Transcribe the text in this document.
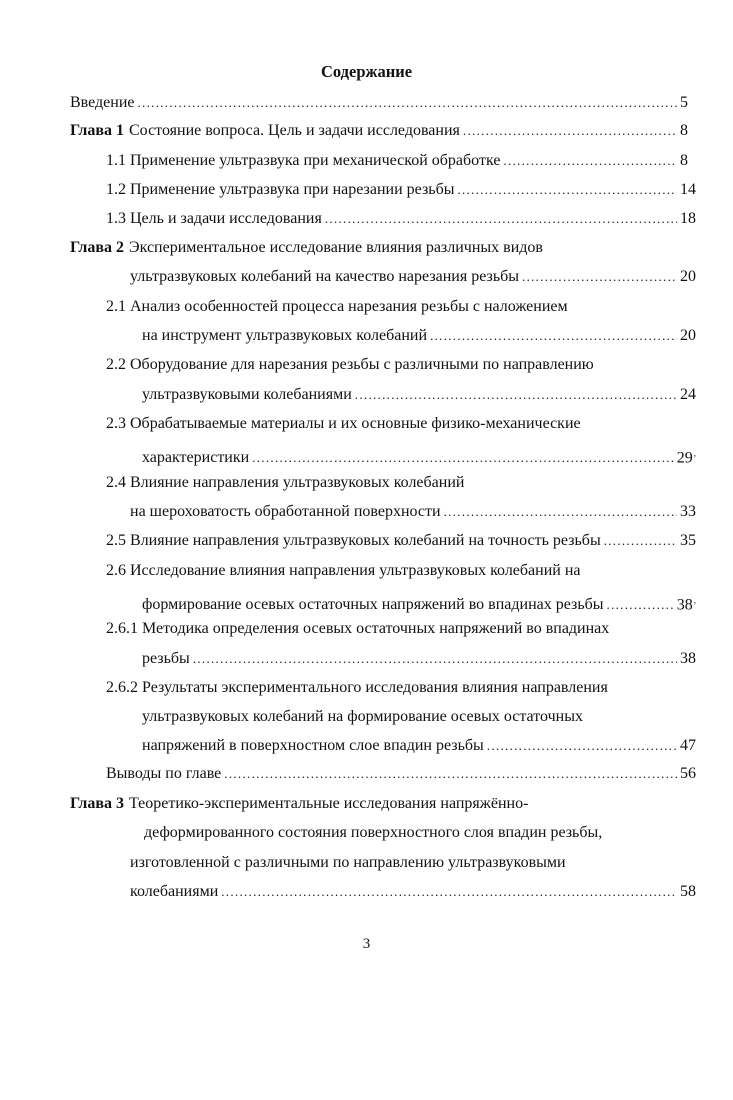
Содержание
Введение .....	5
Глава 1 Состояние вопроса. Цель и задачи исследования .....	8
1.1 Применение ультразвука при механической обработке .....	8
1.2 Применение ультразвука при нарезании резьбы .....	14
1.3 Цель и задачи исследования .....	18
Глава 2 Экспериментальное исследование влияния различных видов
ультразвуковых колебаний на качество нарезания резьбы .....	20
2.1 Анализ особенностей процесса нарезания резьбы с наложением
на инструмент ультразвуковых колебаний .....	20
2.2 Оборудование для нарезания резьбы с различными по направлению
ультразвуковыми колебаниями .....	24
2.3 Обрабатываемые материалы и их основные физико-механические
характеристики .....	29,
2.4 Влияние направления ультразвуковых колебаний
на шероховатость обработанной поверхности .....	33
2.5 Влияние направления ультразвуковых колебаний на точность резьбы .....	35
2.6 Исследование влияния направления ультразвуковых колебаний на
формирование осевых остаточных напряжений во впадинах резьбы .....	38,
2.6.1 Методика определения осевых остаточных напряжений во впадинах
резьбы .....	38
2.6.2 Результаты экспериментального исследования влияния направления
ультразвуковых колебаний на формирование осевых остаточных
напряжений в поверхностном слое впадин резьбы .....	47
Выводы по главе .....	56
Глава 3 Теоретико-экспериментальные исследования напряжённо-
деформированного состояния поверхностного слоя впадин резьбы,
изготовленной с различными по направлению ультразвуковыми
колебаниями .....	58
3
